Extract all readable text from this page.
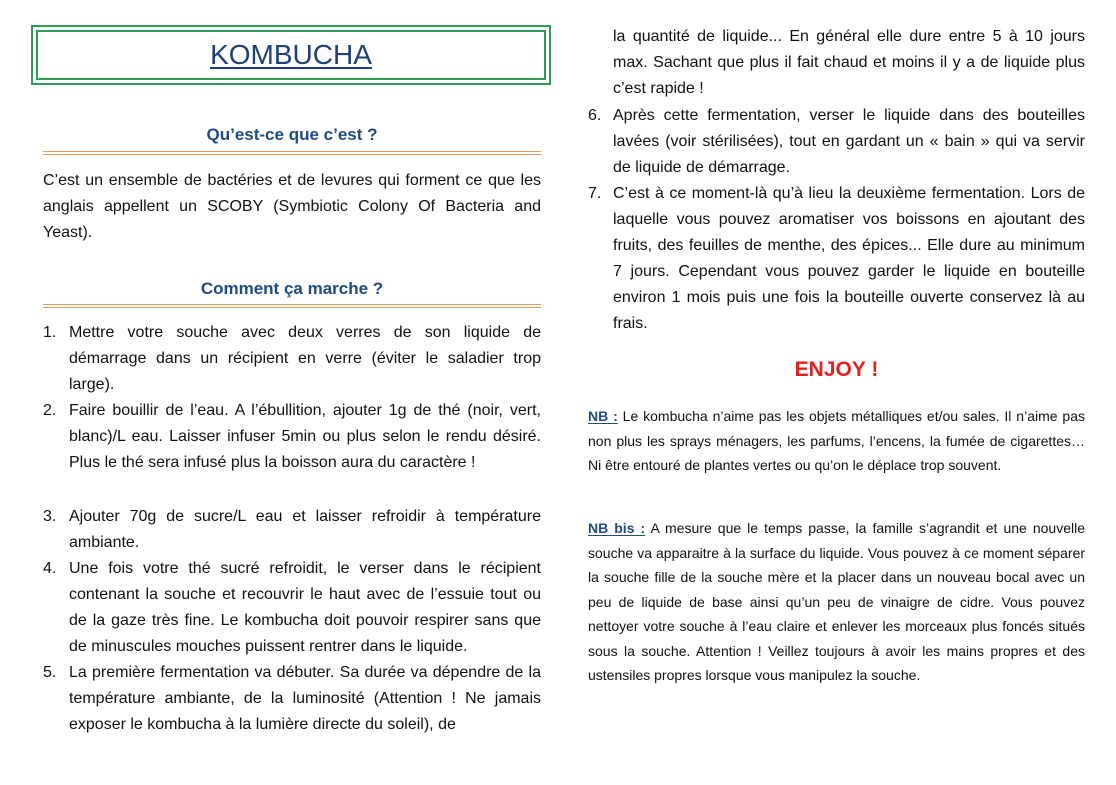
KOMBUCHA
Qu’est-ce que c’est ?

C’est un ensemble de bactéries et de levures qui forment ce que les anglais appellent un SCOBY (Symbiotic Colony Of Bacteria and Yeast).

Comment ça marche ?
1. Mettre votre souche avec deux verres de son liquide de démarrage dans un récipient en verre (éviter le saladier trop large).
2. Faire bouillir de l’eau. A l’ébullition, ajouter 1g de thé (noir, vert, blanc)/L eau. Laisser infuser 5min ou plus selon le rendu désiré. Plus le thé sera infusé plus la boisson aura du caractère !
3. Ajouter 70g de sucre/L eau et laisser refroidir à température ambiante.
4. Une fois votre thé sucré refroidit, le verser dans le récipient contenant la souche et recouvrir le haut avec de l’essuie tout ou de la gaze très fine. Le kombucha doit pouvoir respirer sans que de minuscules mouches puissent rentrer dans le liquide.
5. La première fermentation va débuter. Sa durée va dépendre de la température ambiante, de la luminosité (Attention ! Ne jamais exposer le kombucha à la lumière directe du soleil), de
la quantité de liquide... En général elle dure entre 5 à 10 jours max. Sachant que plus il fait chaud et moins il y a de liquide plus c’est rapide !
6. Après cette fermentation, verser le liquide dans des bouteilles lavées (voir stérilisées), tout en gardant un « bain » qui va servir de liquide de démarrage.
7. C’est à ce moment-là qu’à lieu la deuxième fermentation. Lors de laquelle vous pouvez aromatiser vos boissons en ajoutant des fruits, des feuilles de menthe, des épices... Elle dure au minimum 7 jours. Cependant vous pouvez garder le liquide en bouteille environ 1 mois puis une fois la bouteille ouverte conservez là au frais.
ENJOY !
NB : Le kombucha n’aime pas les objets métalliques et/ou sales. Il n’aime pas non plus les sprays ménagers, les parfums, l’encens, la fumée de cigarettes… Ni être entouré de plantes vertes ou qu’on le déplace trop souvent.
NB bis : A mesure que le temps passe, la famille s’agrandit et une nouvelle souche va apparaitre à la surface du liquide. Vous pouvez à ce moment séparer la souche fille de la souche mère et la placer dans un nouveau bocal avec un peu de liquide de base ainsi qu’un peu de vinaigre de cidre. Vous pouvez nettoyer votre souche à l’eau claire et enlever les morceaux plus foncés situés sous la souche. Attention ! Veillez toujours à avoir les mains propres et des ustensiles propres lorsque vous manipulez la souche.
